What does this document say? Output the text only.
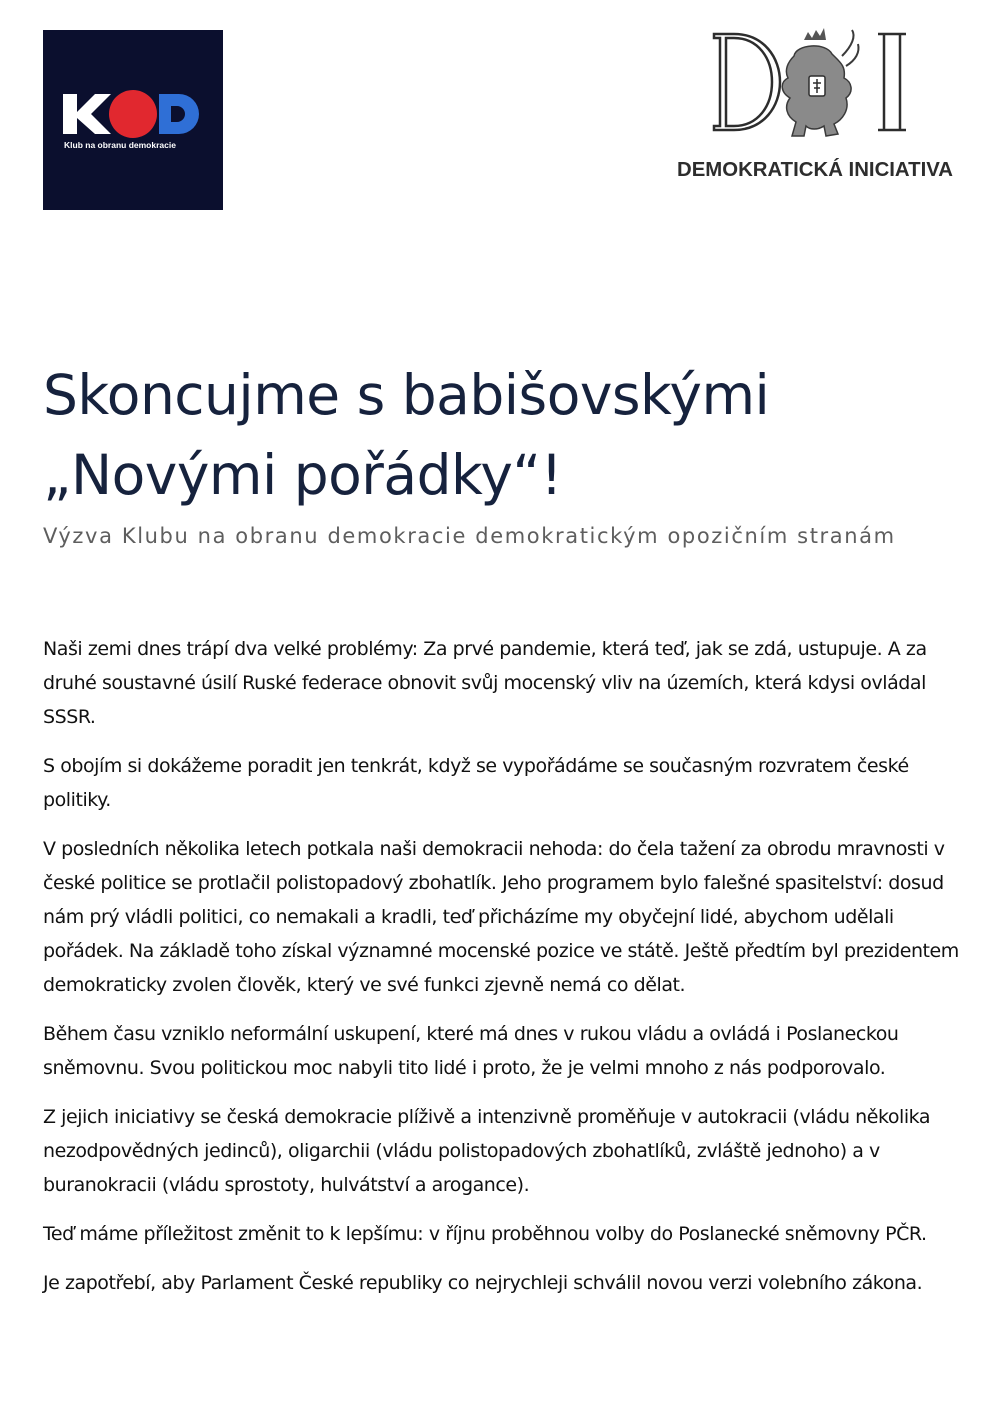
Klub na obranu demokracie
DEMOKRATICKÁ INICIATIVA
Skoncujme s babišovskými
„Novými pořádky“!

Výzva Klubu na obranu demokracie demokratickým opozičním stranám

Naši zemi dnes trápí dva velké problémy: Za prvé pandemie, která teď, jak se zdá, ustupuje. A za druhé soustavné úsilí Ruské federace obnovit svůj mocenský vliv na územích, která kdysi ovládal SSSR.

S obojím si dokážeme poradit jen tenkrát, když se vypořádáme se současným rozvratem české politiky.

V posledních několika letech potkala naši demokracii nehoda: do čela tažení za obrodu mravnosti v české politice se protlačil polistopadový zbohatlík. Jeho programem bylo falešné spasitelství: dosud nám prý vládli politici, co nemakali a kradli, teď přicházíme my obyčejní lidé, abychom udělali pořádek. Na základě toho získal významné mocenské pozice ve státě. Ještě předtím byl prezidentem demokraticky zvolen člověk, který ve své funkci zjevně nemá co dělat.

Během času vzniklo neformální uskupení, které má dnes v rukou vládu a ovládá i Poslaneckou sněmovnu. Svou politickou moc nabyli tito lidé i proto, že je velmi mnoho z nás podporovalo.

Z jejich iniciativy se česká demokracie plíživě a intenzivně proměňuje v autokracii (vládu několika nezodpovědných jedinců), oligarchii (vládu polistopadových zbohatlíků, zvláště jednoho) a v buranokracii (vládu sprostoty, hulvátství a arogance).

Teď máme příležitost změnit to k lepšímu: v říjnu proběhnou volby do Poslanecké sněmovny PČR.

Je zapotřebí, aby Parlament České republiky co nejrychleji schválil novou verzi volebního zákona.
